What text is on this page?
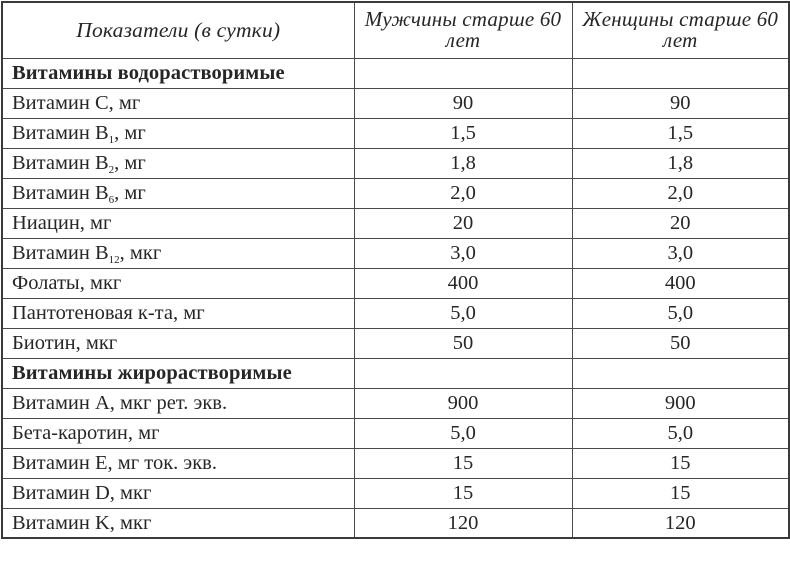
Показатели (в сутки)	Мужчины старше 60 лет	Женщины старше 60 лет
Витамины водорастворимые		
Витамин C, мг	90	90
Витамин $B_1$, мг	1,5	1,5
Витамин $B_2$, мг	1,8	1,8
Витамин $B_6$, мг	2,0	2,0
Ниацин, мг	20	20
Витамин $B_{12}$, мкг	3,0	3,0
Фолаты, мкг	400	400
Пантотеновая к-та, мг	5,0	5,0
Биотин, мкг	50	50
Витамины жирорастворимые		
Витамин A, мкг рет. экв.	900	900
Бета-каротин, мг	5,0	5,0
Витамин E, мг ток. экв.	15	15
Витамин D, мкг	15	15
Витамин K, мкг	120	120
